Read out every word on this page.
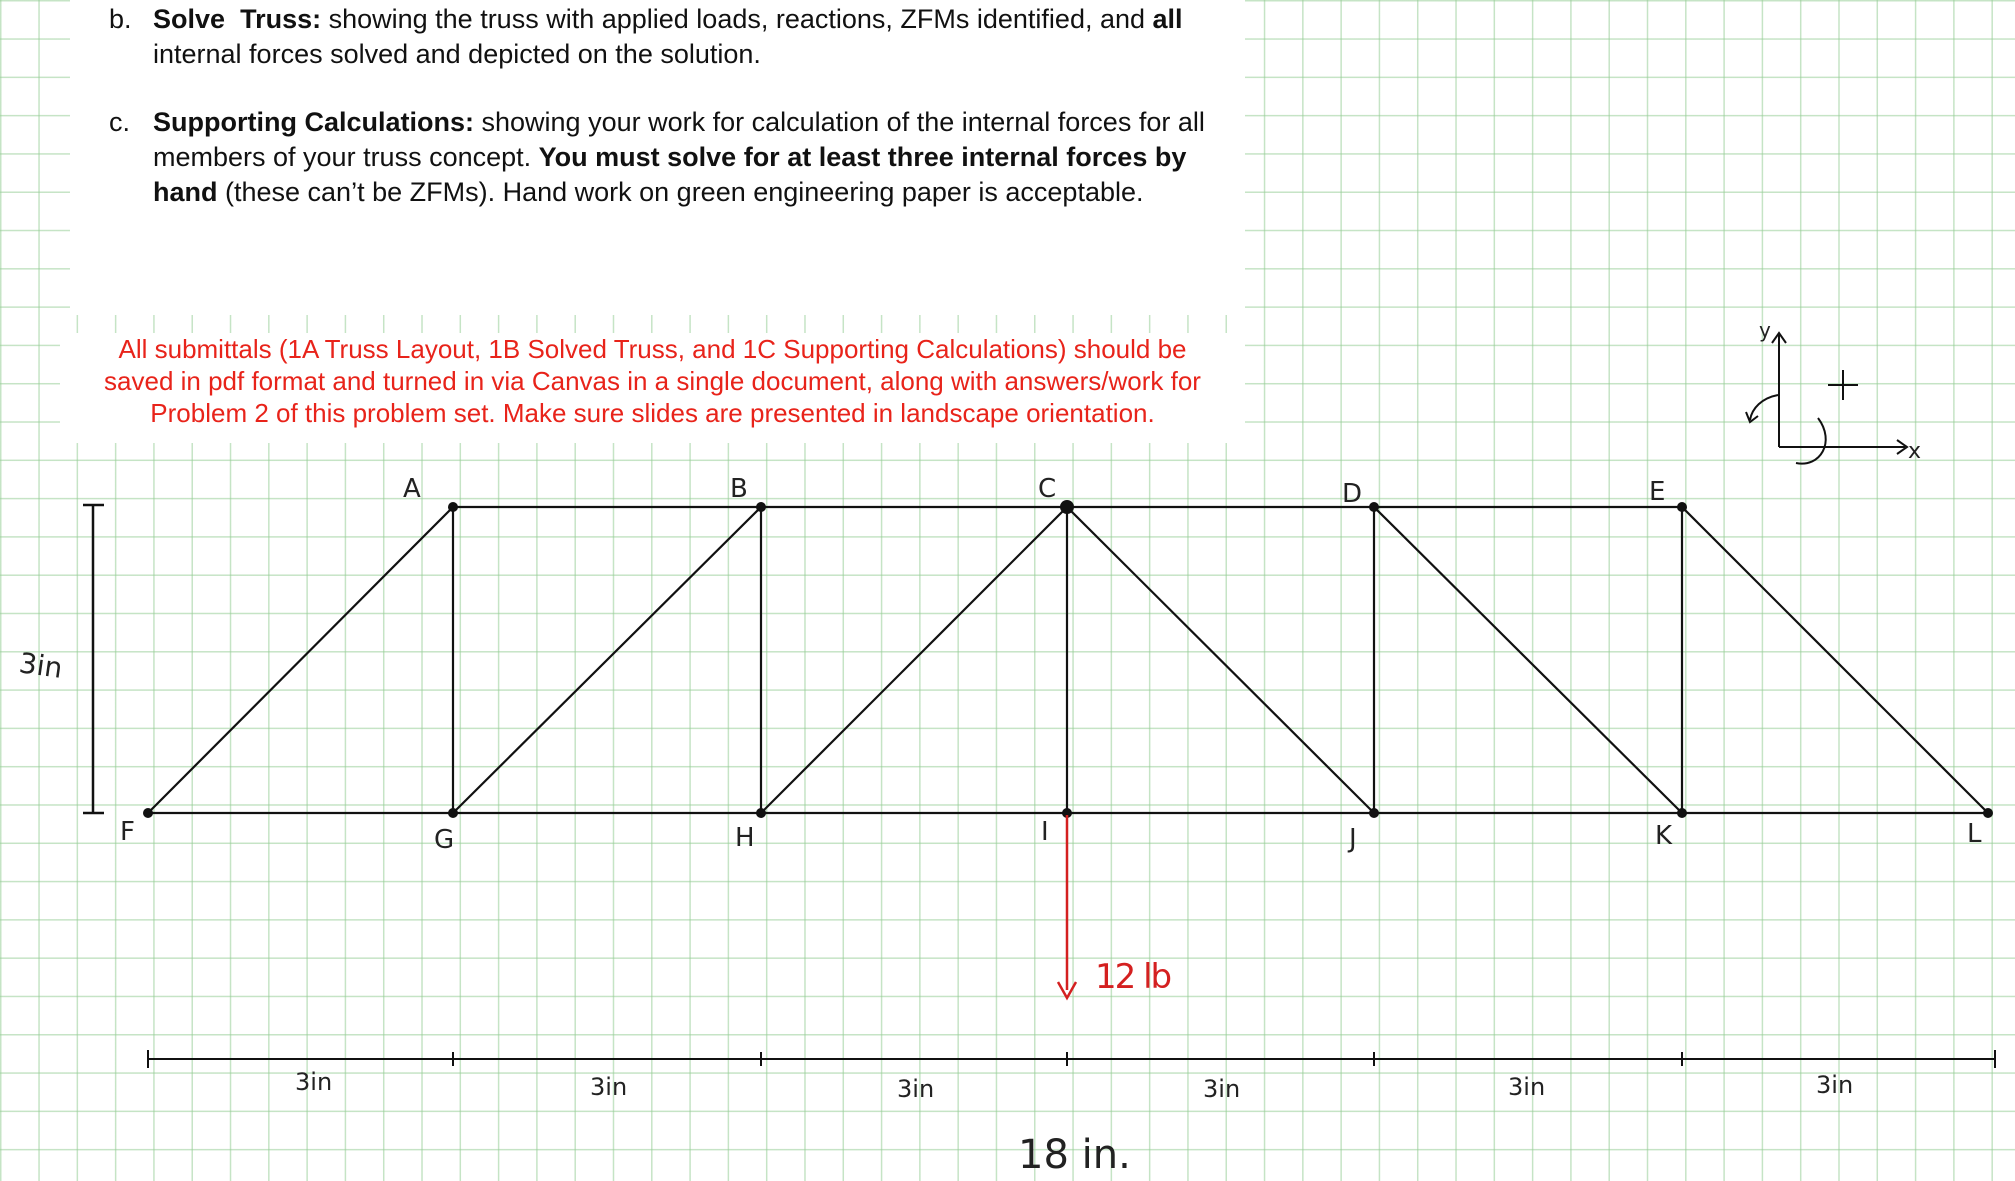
b. Solve Truss: showing the truss with applied loads, reactions, ZFMs identified, and all
internal forces solved and depicted on the solution.
c. Supporting Calculations: showing your work for calculation of the internal forces for all
members of your truss concept. You must solve for at least three internal forces by
hand (these can’t be ZFMs). Hand work on green engineering paper is acceptable.
All submittals (1A Truss Layout, 1B Solved Truss, and 1C Supporting Calculations) should be
saved in pdf format and turned in via Canvas in a single document, along with answers/work for
Problem 2 of this problem set. Make sure slides are presented in landscape orientation.
3in
A	B	C	D	E
F	G	H	I	J	K	L
12 lb
3in	3in	3in	3in	3in	3in
18 in.
y
x
